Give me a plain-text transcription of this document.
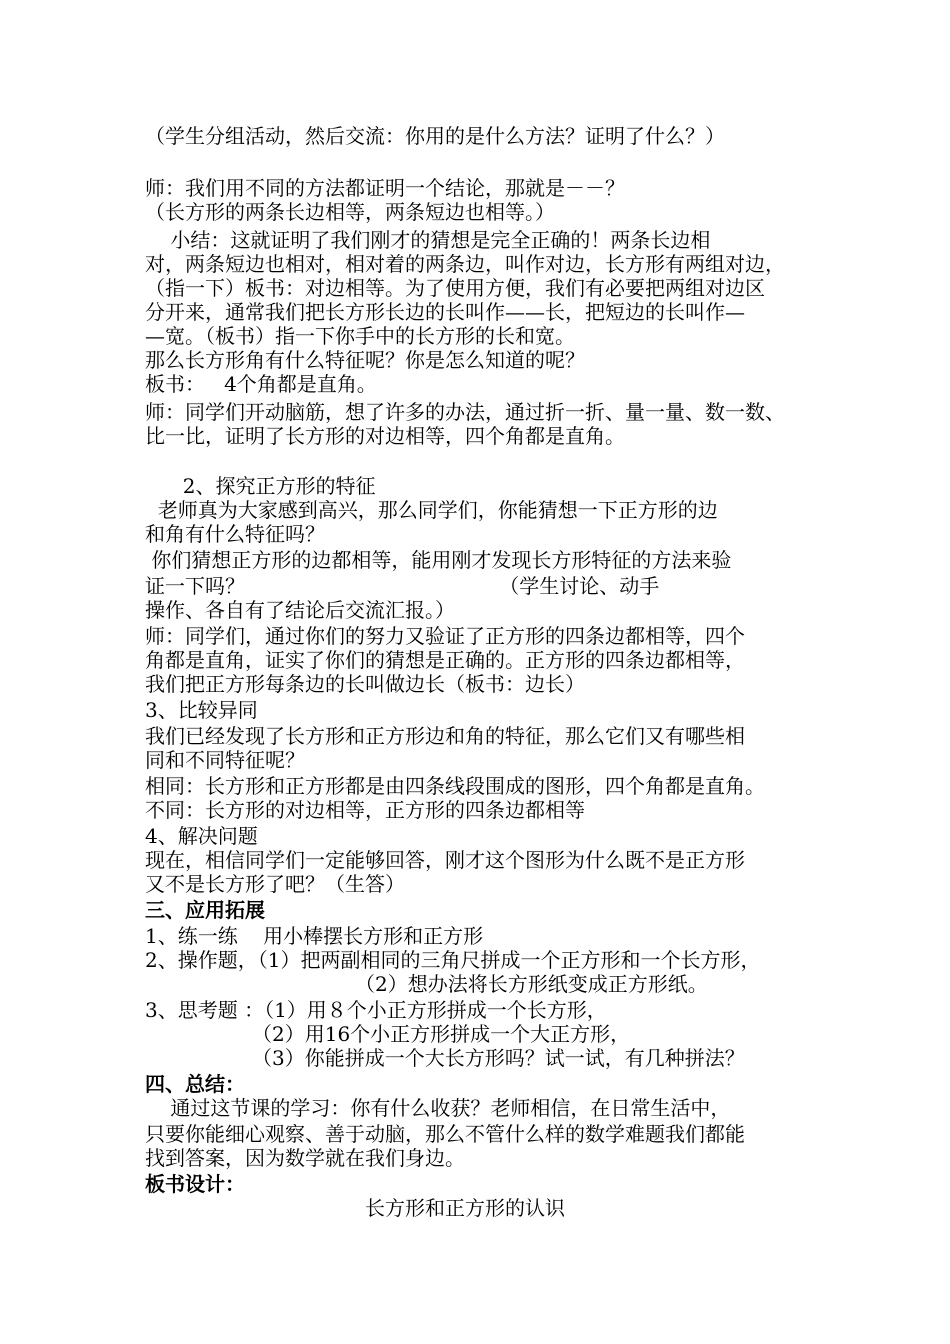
（学生分组活动，然后交流：你用的是什么方法？证明了什么？）
师：我们用不同的方法都证明一个结论，那就是－－？
（长方形的两条长边相等，两条短边也相等。）
小结：这就证明了我们刚才的猜想是完全正确的！两条长边相
对，两条短边也相对，相对着的两条边，叫作对边，长方形有两组对边，
（指一下）板书：对边相等。为了使用方便，我们有必要把两组对边区
分开来，通常我们把长方形长边的长叫作——长，把短边的长叫作—
—宽。（板书）指一下你手中的长方形的长和宽。
那么长方形角有什么特征呢？你是怎么知道的呢？
板书：   4个角都是直角。
师：同学们开动脑筋，想了许多的办法，通过折一折、量一量、数一数、
比一比，证明了长方形的对边相等，四个角都是直角。
2、探究正方形的特征
老师真为大家感到高兴，那么同学们，你能猜想一下正方形的边
和角有什么特征吗？
你们猜想正方形的边都相等，能用刚才发现长方形特征的方法来验
证一下吗？                                        （学生讨论、动手
操作、各自有了结论后交流汇报。）
师：同学们，通过你们的努力又验证了正方形的四条边都相等，四个
角都是直角，证实了你们的猜想是正确的。正方形的四条边都相等，
我们把正方形每条边的长叫做边长（板书：边长）
3、比较异同
我们已经发现了长方形和正方形边和角的特征，那么它们又有哪些相
同和不同特征呢？
相同：长方形和正方形都是由四条线段围成的图形，四个角都是直角。
不同：长方形的对边相等，正方形的四条边都相等
4、解决问题
现在，相信同学们一定能够回答，刚才这个图形为什么既不是正方形
又不是长方形了吧？（生答）
三、应用拓展
1、练一练    用小棒摆长方形和正方形
2、操作题，（1）把两副相同的三角尺拼成一个正方形和一个长方形，
（2）想办法将长方形纸变成正方形纸。
3、思考题 ：（1）用８个小正方形拼成一个长方形，
（2）用16个小正方形拼成一个大正方形，
（3）你能拼成一个大长方形吗？试一试，有几种拼法？
四、总结：
通过这节课的学习：你有什么收获？老师相信，在日常生活中，
只要你能细心观察、善于动脑，那么不管什么样的数学难题我们都能
找到答案，因为数学就在我们身边。
板书设计：
长方形和正方形的认识
